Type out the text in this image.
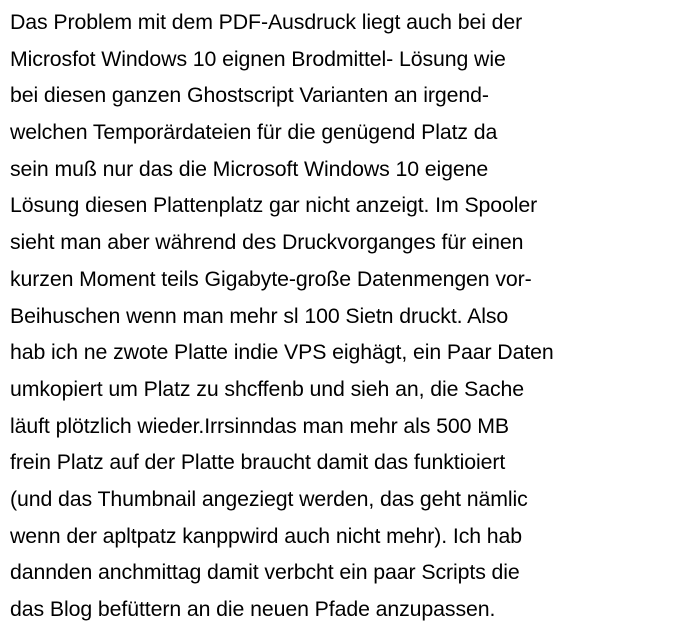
Das Problem mit dem PDF-Ausdruck liegt auch bei der
Microsfot Windows 10 eignen Brodmittel- Lösung wie
bei diesen ganzen Ghostscript Varianten an irgend-
welchen Temporärdateien für die genügend Platz da
sein muß nur das die Microsoft Windows 10 eigene
Lösung diesen Plattenplatz gar nicht anzeigt. Im Spooler
sieht man aber während des Druckvorganges für einen
kurzen Moment teils Gigabyte-große Datenmengen vor-
Beihuschen wenn man mehr sl 100 Sietn druckt. Also
hab ich ne zwote Platte indie VPS eighägt, ein Paar Daten
umkopiert um Platz zu shcffenb und sieh an, die Sache
läuft plötzlich wieder.Irrsinndas man mehr als 500 MB
frein Platz auf der Platte braucht damit das funktioiert
(und das Thumbnail angeziegt werden, das geht nämlic
wenn der apltpatz kanppwird auch nicht mehr). Ich hab
dannden anchmittag damit verbcht ein paar Scripts die
das Blog befüttern an die neuen Pfade anzupassen.
